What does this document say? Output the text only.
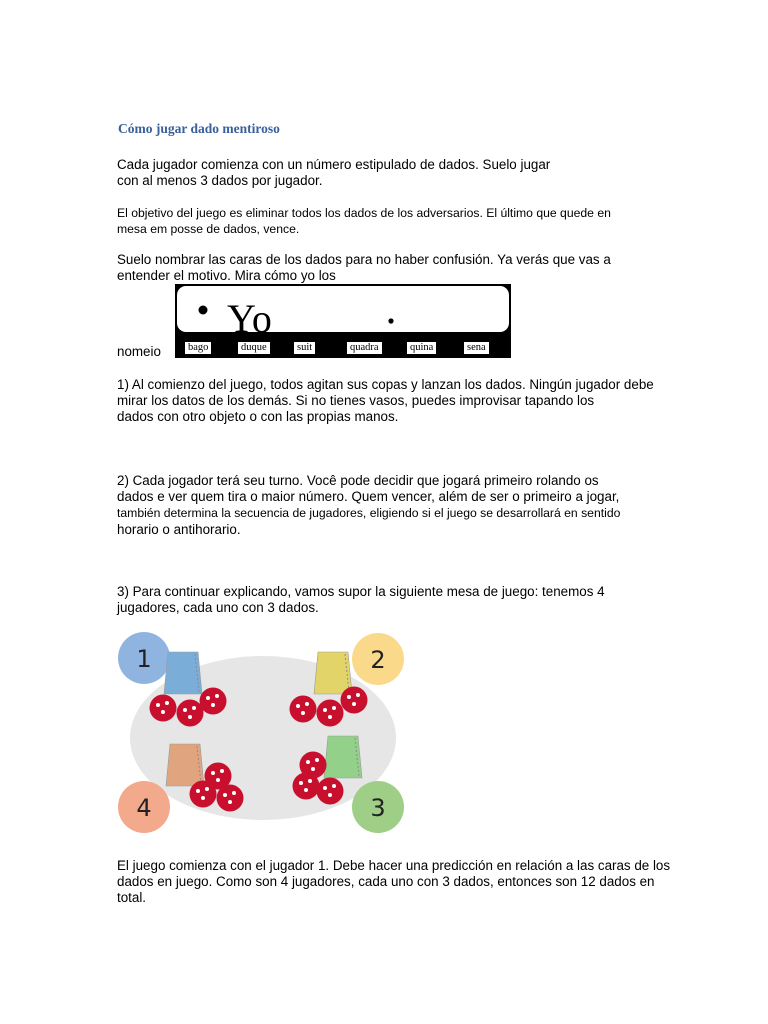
Cómo jugar dado mentiroso
Cada jugador comienza con un número estipulado de dados. Suelo jugar
con al menos 3 dados por jugador.
El objetivo del juego es eliminar todos los dados de los adversarios. El último que quede en
mesa em posse de dados, vence.
Suelo nombrar las caras de los dados para no haber confusión. Ya verás que vas a
entender el motivo. Mira cómo yo los
nomeio
Yo
bago	duque	suit	quadra	quina	sena
1) Al comienzo del juego, todos agitan sus copas y lanzan los dados. Ningún jugador debe
mirar los datos de los demás. Si no tienes vasos, puedes improvisar tapando los
dados con otro objeto o con las propias manos.
2) Cada jogador terá seu turno. Você pode decidir que jogará primeiro rolando os
dados e ver quem tira o maior número. Quem vencer, além de ser o primeiro a jogar,
también determina la secuencia de jugadores, eligiendo si el juego se desarrollará en sentido
horario o antihorario.
3) Para continuar explicando, vamos supor la siguiente mesa de juego: tenemos 4
jugadores, cada uno con 3 dados.
1	2
3
4
El juego comienza con el jugador 1. Debe hacer una predicción en relación a las caras de los
dados en juego. Como son 4 jugadores, cada uno con 3 dados, entonces son 12 dados en
total.
